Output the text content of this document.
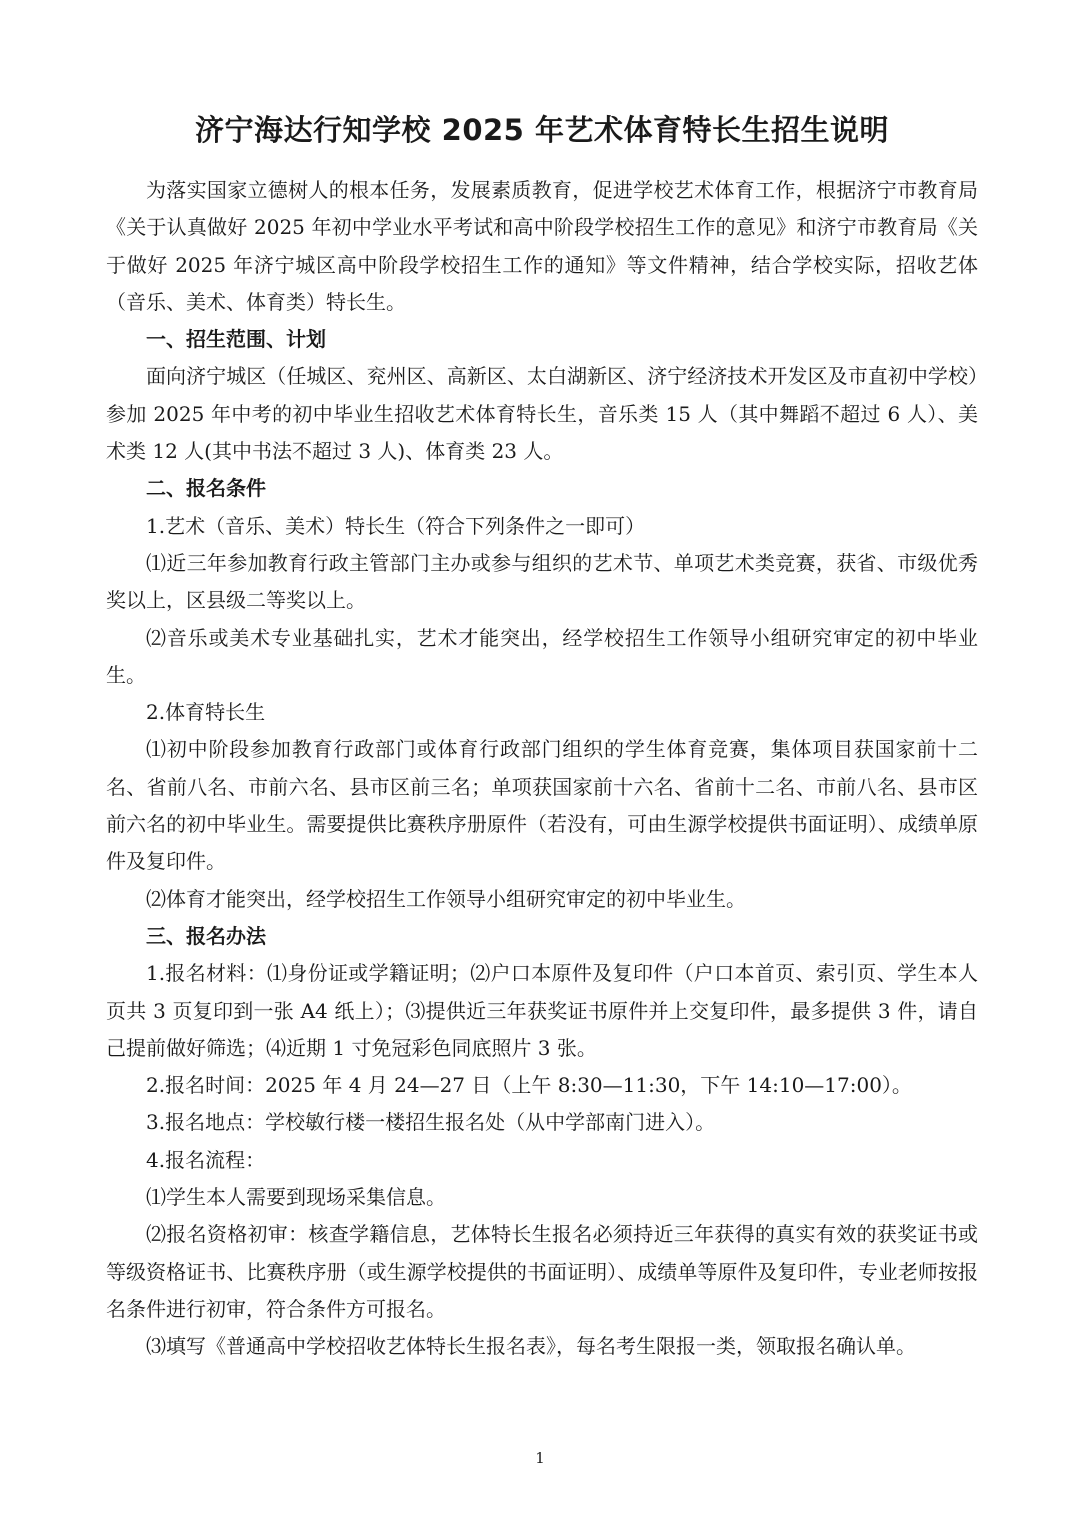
济宁海达行知学校 2025 年艺术体育特长生招生说明

为落实国家立德树人的根本任务，发展素质教育，促进学校艺术体育工作，根据济宁市教育局《关于认真做好 2025 年初中学业水平考试和高中阶段学校招生工作的意见》和济宁市教育局《关于做好 2025 年济宁城区高中阶段学校招生工作的通知》等文件精神，结合学校实际，招收艺体（音乐、美术、体育类）特长生。

一、招生范围、计划

面向济宁城区（任城区、兖州区、高新区、太白湖新区、济宁经济技术开发区及市直初中学校）参加 2025 年中考的初中毕业生招收艺术体育特长生，音乐类 15 人（其中舞蹈不超过 6 人）、美术类 12 人(其中书法不超过 3 人)、体育类 23 人。

二、报名条件

1.艺术（音乐、美术）特长生（符合下列条件之一即可）

⑴近三年参加教育行政主管部门主办或参与组织的艺术节、单项艺术类竞赛，获省、市级优秀奖以上，区县级二等奖以上。

⑵音乐或美术专业基础扎实，艺术才能突出，经学校招生工作领导小组研究审定的初中毕业生。

2.体育特长生

⑴初中阶段参加教育行政部门或体育行政部门组织的学生体育竞赛，集体项目获国家前十二名、省前八名、市前六名、县市区前三名；单项获国家前十六名、省前十二名、市前八名、县市区前六名的初中毕业生。需要提供比赛秩序册原件（若没有，可由生源学校提供书面证明）、成绩单原件及复印件。

⑵体育才能突出，经学校招生工作领导小组研究审定的初中毕业生。

三、报名办法

1.报名材料：⑴身份证或学籍证明；⑵户口本原件及复印件（户口本首页、索引页、学生本人页共 3 页复印到一张 A4 纸上）；⑶提供近三年获奖证书原件并上交复印件，最多提供 3 件，请自己提前做好筛选；⑷近期 1 寸免冠彩色同底照片 3 张。

2.报名时间：2025 年 4 月 24—27 日（上午 8:30—11:30，下午 14:10—17:00）。

3.报名地点：学校敏行楼一楼招生报名处（从中学部南门进入）。

4.报名流程：

⑴学生本人需要到现场采集信息。

⑵报名资格初审：核查学籍信息，艺体特长生报名必须持近三年获得的真实有效的获奖证书或等级资格证书、比赛秩序册（或生源学校提供的书面证明）、成绩单等原件及复印件，专业老师按报名条件进行初审，符合条件方可报名。

⑶填写《普通高中学校招收艺体特长生报名表》，每名考生限报一类，领取报名确认单。

1
